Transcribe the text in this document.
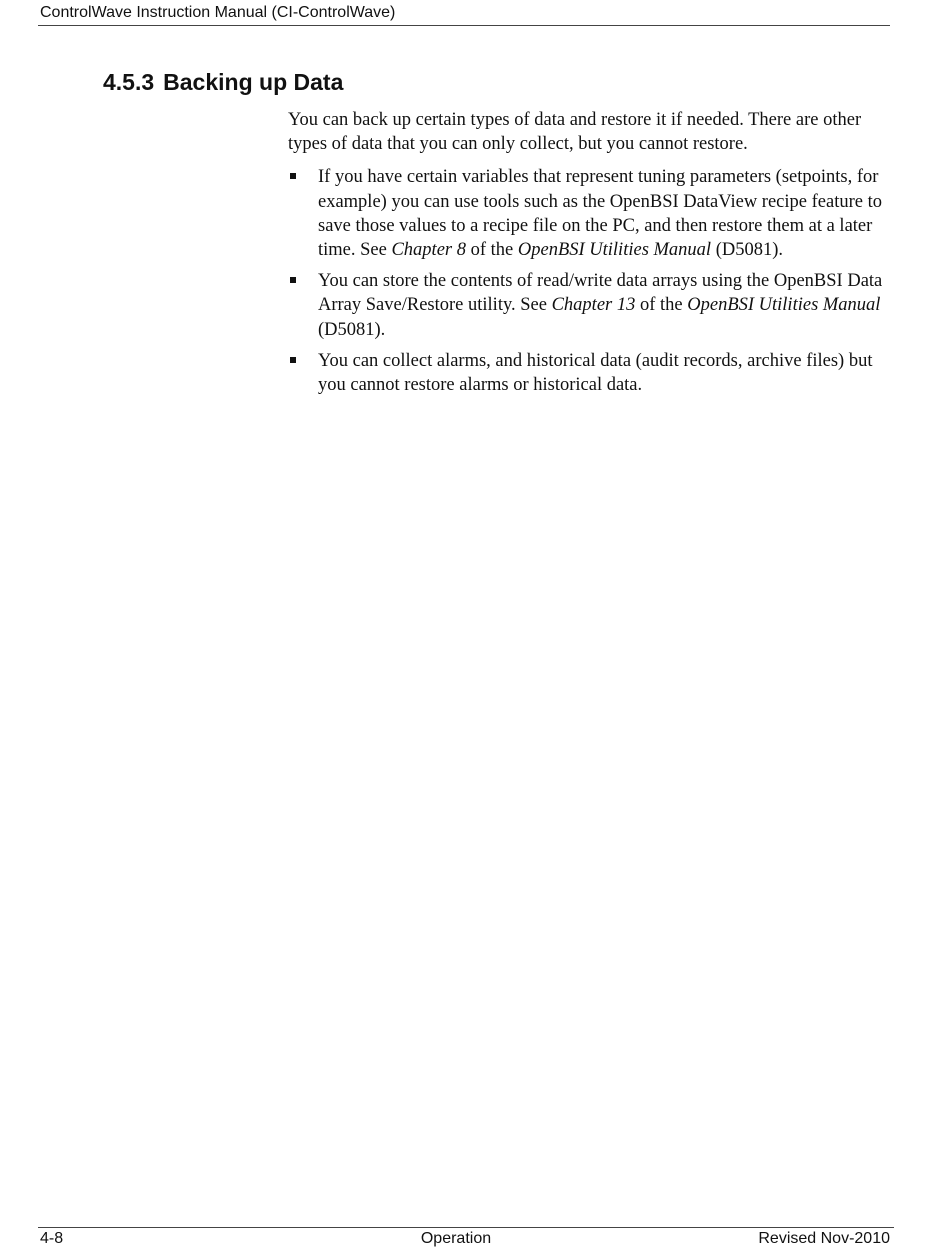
ControlWave Instruction Manual (CI-ControlWave)
4.5.3 Backing up Data

You can back up certain types of data and restore it if needed. There are other types of data that you can only collect, but you cannot restore.

If you have certain variables that represent tuning parameters (setpoints, for example) you can use tools such as the OpenBSI DataView recipe feature to save those values to a recipe file on the PC, and then restore them at a later time. See Chapter 8 of the OpenBSI Utilities Manual (D5081).
You can store the contents of read/write data arrays using the OpenBSI Data Array Save/Restore utility. See Chapter 13 of the OpenBSI Utilities Manual (D5081).
You can collect alarms, and historical data (audit records, archive files) but you cannot restore alarms or historical data.
4-8	Operation	Revised Nov-2010
